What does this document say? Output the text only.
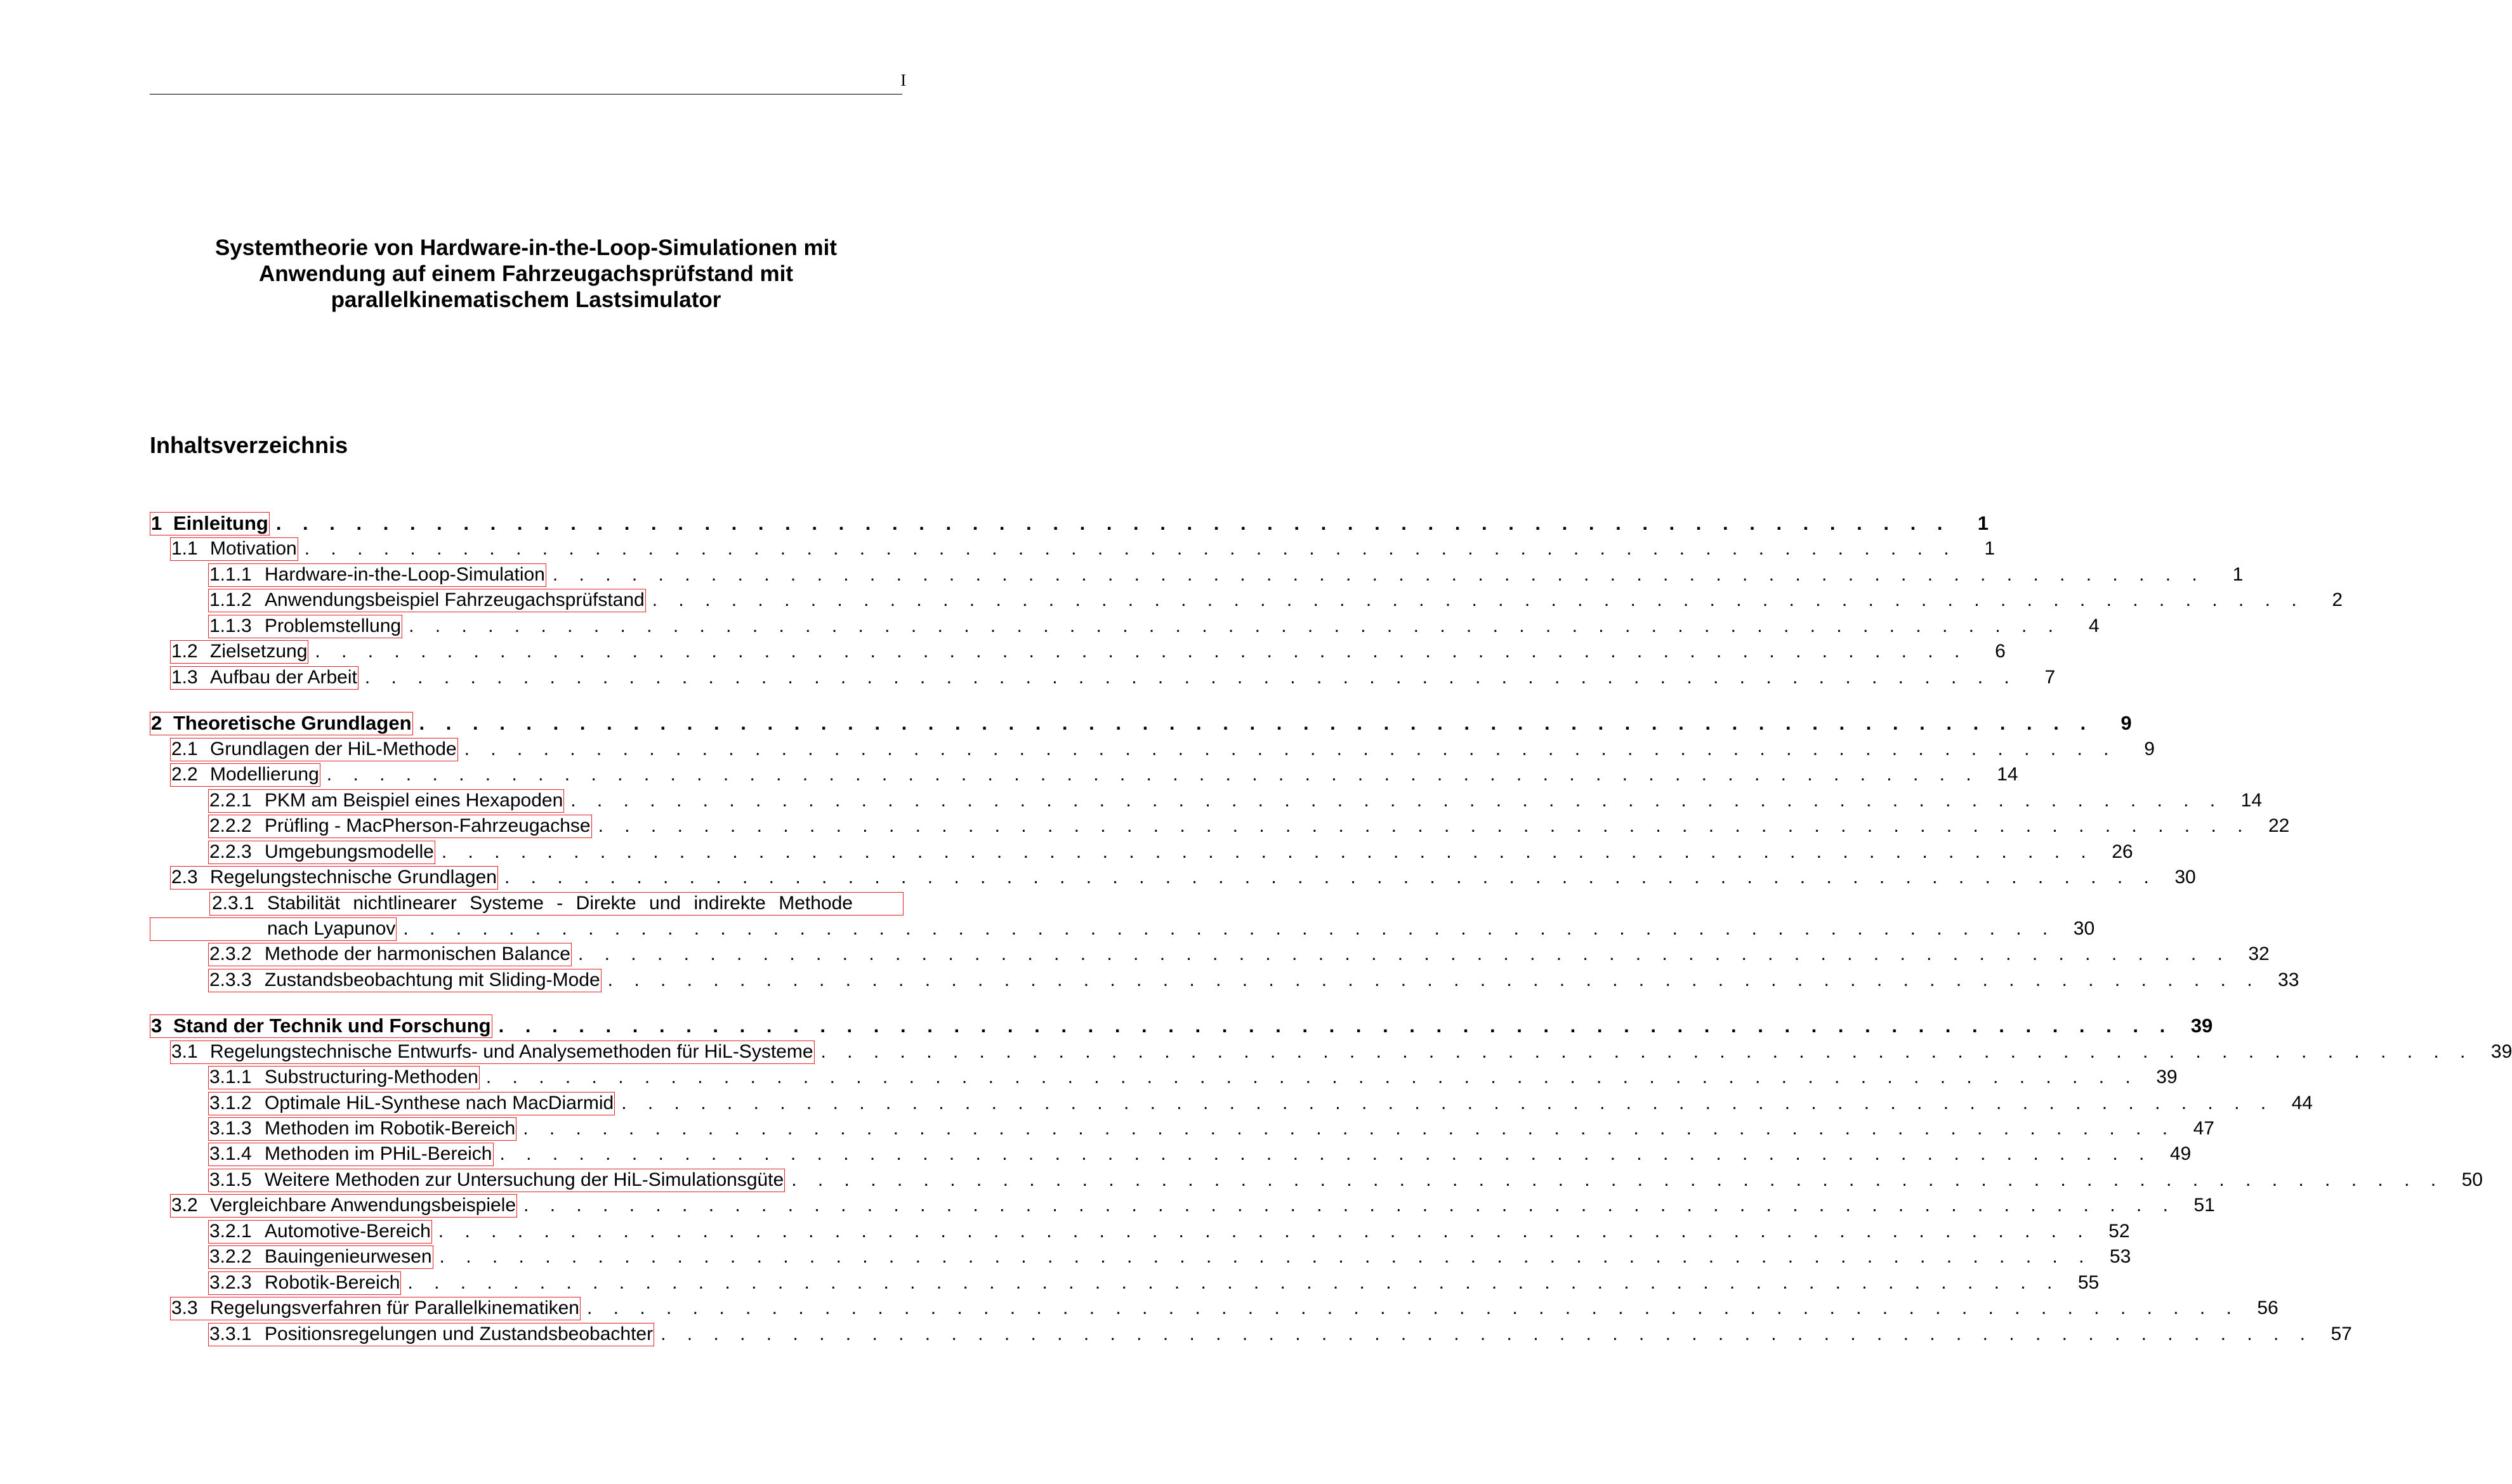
I
Systemtheorie von Hardware-in-the-Loop-Simulationen mit
Anwendung auf einem Fahrzeugachsprüfstand mit
parallelkinematischem Lastsimulator
Inhaltsverzeichnis
1 Einleitung . . . . . . . . . . . . . . . . . . . . . . . . . . . . . . . . . . . . . . . . . . . . . . . . . . . . . . . . . . . . . . .	1
1.1 Motivation . . . . . . . . . . . . . . . . . . . . . . . . . . . . . . . . . . . . . . . . . . . . . . . . . . . . . . . . . . . . . . .	1
1.1.1 Hardware-in-the-Loop-Simulation . . . . . . . . . . . . . . . . . . . . . . . . . . . . . . . . . . . . . . . . . . . . . . . . . . . . . . . . . . . . . . .	1
1.1.2 Anwendungsbeispiel Fahrzeugachsprüfstand . . . . . . . . . . . . . . . . . . . . . . . . . . . . . . . . . . . . . . . . . . . . . . . . . . . . . . . . . . . . . . .	2
1.1.3 Problemstellung . . . . . . . . . . . . . . . . . . . . . . . . . . . . . . . . . . . . . . . . . . . . . . . . . . . . . . . . . . . . . . .	4
1.2 Zielsetzung . . . . . . . . . . . . . . . . . . . . . . . . . . . . . . . . . . . . . . . . . . . . . . . . . . . . . . . . . . . . . . .	6
1.3 Aufbau der Arbeit . . . . . . . . . . . . . . . . . . . . . . . . . . . . . . . . . . . . . . . . . . . . . . . . . . . . . . . . . . . . . . .	7
2 Theoretische Grundlagen . . . . . . . . . . . . . . . . . . . . . . . . . . . . . . . . . . . . . . . . . . . . . . . . . . . . . . . . . . . . . . .	9
2.1 Grundlagen der HiL-Methode . . . . . . . . . . . . . . . . . . . . . . . . . . . . . . . . . . . . . . . . . . . . . . . . . . . . . . . . . . . . . . .	9
2.2 Modellierung . . . . . . . . . . . . . . . . . . . . . . . . . . . . . . . . . . . . . . . . . . . . . . . . . . . . . . . . . . . . . . . 14
2.2.1 PKM am Beispiel eines Hexapoden . . . . . . . . . . . . . . . . . . . . . . . . . . . . . . . . . . . . . . . . . . . . . . . . . . . . . . . . . . . . . . . 14
2.2.2 Prüfling - MacPherson-Fahrzeugachse . . . . . . . . . . . . . . . . . . . . . . . . . . . . . . . . . . . . . . . . . . . . . . . . . . . . . . . . . . . . . . . 22
2.2.3 Umgebungsmodelle . . . . . . . . . . . . . . . . . . . . . . . . . . . . . . . . . . . . . . . . . . . . . . . . . . . . . . . . . . . . . . . 26
2.3 Regelungstechnische Grundlagen . . . . . . . . . . . . . . . . . . . . . . . . . . . . . . . . . . . . . . . . . . . . . . . . . . . . . . . . . . . . . . . 30
2.3.1 Stabilität nichtlinearer Systeme - Direkte und indirekte Methode
nach Lyapunov . . . . . . . . . . . . . . . . . . . . . . . . . . . . . . . . . . . . . . . . . . . . . . . . . . . . . . . . . . . . . . . 30
2.3.2 Methode der harmonischen Balance . . . . . . . . . . . . . . . . . . . . . . . . . . . . . . . . . . . . . . . . . . . . . . . . . . . . . . . . . . . . . . . 32
2.3.3 Zustandsbeobachtung mit Sliding-Mode . . . . . . . . . . . . . . . . . . . . . . . . . . . . . . . . . . . . . . . . . . . . . . . . . . . . . . . . . . . . . . . 33
3 Stand der Technik und Forschung . . . . . . . . . . . . . . . . . . . . . . . . . . . . . . . . . . . . . . . . . . . . . . . . . . . . . . . . . . . . . . . 39
3.1 Regelungstechnische Entwurfs- und Analysemethoden für HiL-Systeme . . . . . . . . . . . . . . . . . . . . . . . . . . . . . . . . . . . . . . . . . . . . . . . . . . . . . . . . . . . . . . . 39
3.1.1 Substructuring-Methoden . . . . . . . . . . . . . . . . . . . . . . . . . . . . . . . . . . . . . . . . . . . . . . . . . . . . . . . . . . . . . . . 39
3.1.2 Optimale HiL-Synthese nach MacDiarmid . . . . . . . . . . . . . . . . . . . . . . . . . . . . . . . . . . . . . . . . . . . . . . . . . . . . . . . . . . . . . . . 44
3.1.3 Methoden im Robotik-Bereich . . . . . . . . . . . . . . . . . . . . . . . . . . . . . . . . . . . . . . . . . . . . . . . . . . . . . . . . . . . . . . . 47
3.1.4 Methoden im PHiL-Bereich . . . . . . . . . . . . . . . . . . . . . . . . . . . . . . . . . . . . . . . . . . . . . . . . . . . . . . . . . . . . . . . 49
3.1.5 Weitere Methoden zur Untersuchung der HiL-Simulationsgüte . . . . . . . . . . . . . . . . . . . . . . . . . . . . . . . . . . . . . . . . . . . . . . . . . . . . . . . . . . . . . . . 50
3.2 Vergleichbare Anwendungsbeispiele . . . . . . . . . . . . . . . . . . . . . . . . . . . . . . . . . . . . . . . . . . . . . . . . . . . . . . . . . . . . . . . 51
3.2.1 Automotive-Bereich . . . . . . . . . . . . . . . . . . . . . . . . . . . . . . . . . . . . . . . . . . . . . . . . . . . . . . . . . . . . . . . 52
3.2.2 Bauingenieurwesen . . . . . . . . . . . . . . . . . . . . . . . . . . . . . . . . . . . . . . . . . . . . . . . . . . . . . . . . . . . . . . . 53
3.2.3 Robotik-Bereich . . . . . . . . . . . . . . . . . . . . . . . . . . . . . . . . . . . . . . . . . . . . . . . . . . . . . . . . . . . . . . . 55
3.3 Regelungsverfahren für Parallelkinematiken . . . . . . . . . . . . . . . . . . . . . . . . . . . . . . . . . . . . . . . . . . . . . . . . . . . . . . . . . . . . . . . 56
3.3.1 Positionsregelungen und Zustandsbeobachter . . . . . . . . . . . . . . . . . . . . . . . . . . . . . . . . . . . . . . . . . . . . . . . . . . . . . . . . . . . . . . . 57
